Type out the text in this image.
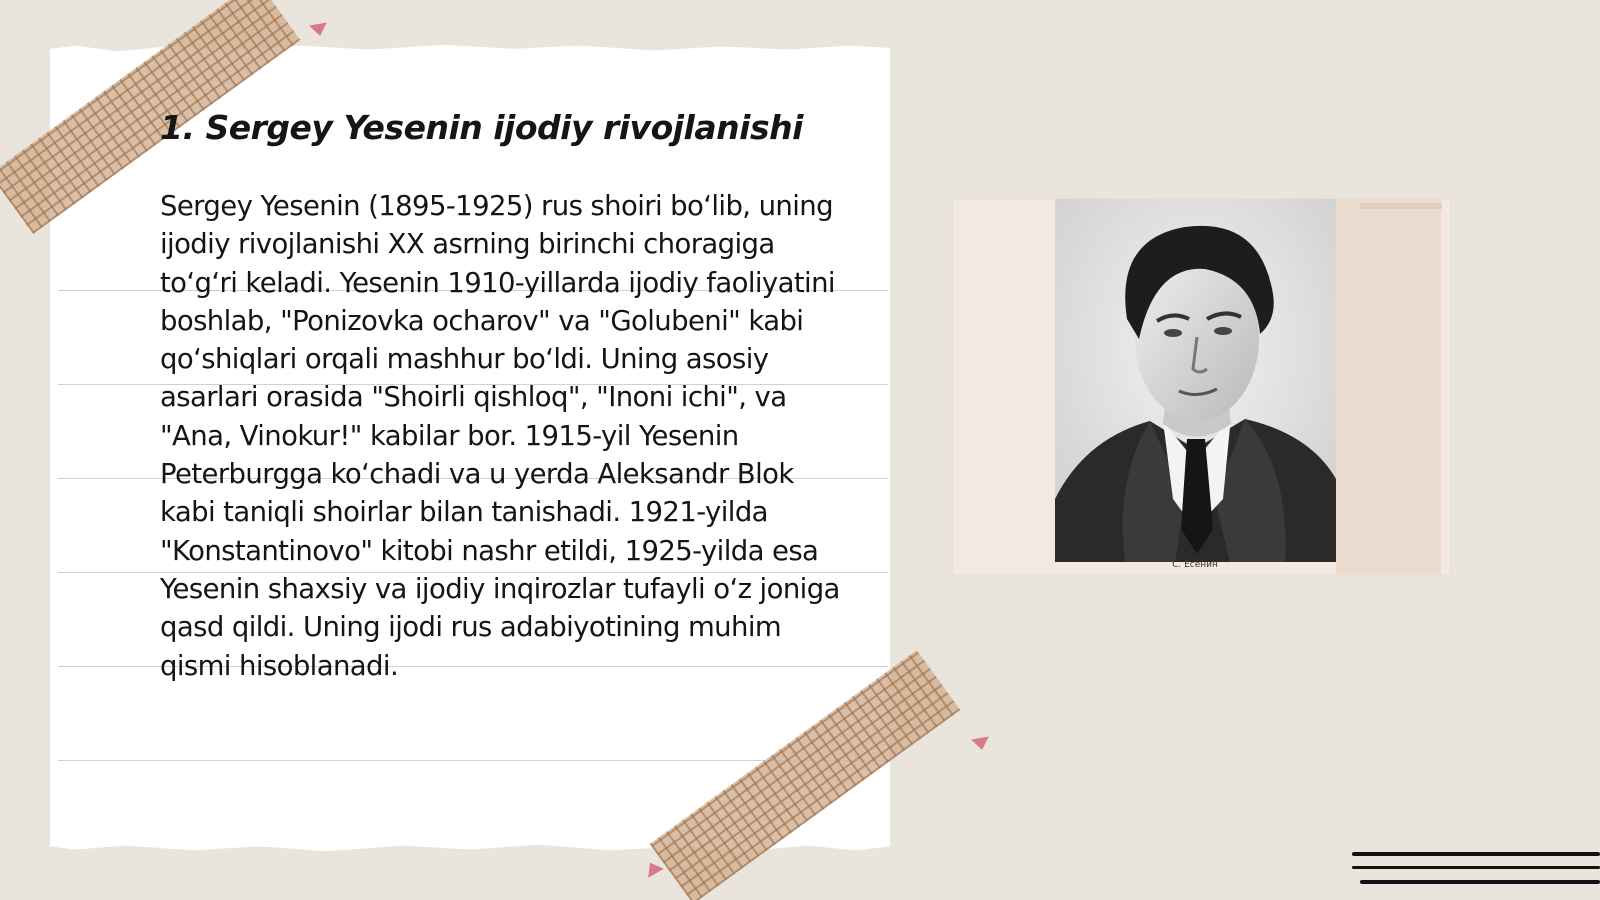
1. Sergey Yesenin ijodiy rivojlanishi

Sergey Yesenin (1895-1925) rus shoiri bo‘lib, uning ijodiy rivojlanishi XX asrning birinchi choragiga to‘g‘ri keladi. Yesenin 1910-yillarda ijodiy faoliyatini boshlab, "Ponizovka ocharov" va "Golubeni" kabi qo‘shiqlari orqali mashhur bo‘ldi. Uning asosiy asarlari orasida "Shoirli qishloq", "Inoni ichi", va "Ana, Vinokur!" kabilar bor. 1915-yil Yesenin Peterburgga ko‘chadi va u yerda Aleksandr Blok kabi taniqli shoirlar bilan tanishadi. 1921-yilda "Konstantinovo" kitobi nashr etildi, 1925-yilda esa Yesenin shaxsiy va ijodiy inqirozlar tufayli o‘z joniga qasd qildi. Uning ijodi rus adabiyotining muhim qismi hisoblanadi.

С. Есенин
